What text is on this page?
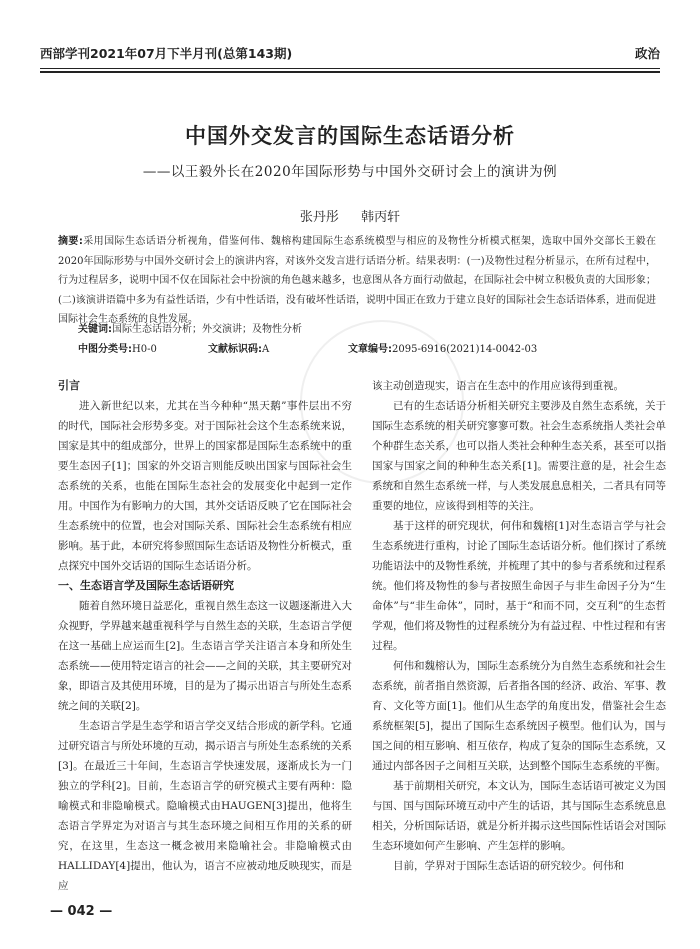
西部学刊2021年07月下半月刊(总第143期)	政治
中国外交发言的国际生态话语分析
——以王毅外长在2020年国际形势与中国外交研讨会上的演讲为例
张丹彤 韩丙轩
摘要:采用国际生态话语分析视角，借鉴何伟、魏榕构建国际生态系统模型与相应的及物性分析模式框架，选取中国外交部长王毅在2020年国际形势与中国外交研讨会上的演讲内容，对该外交发言进行话语分析。结果表明：(一)及物性过程分析显示，在所有过程中，行为过程居多，说明中国不仅在国际社会中扮演的角色越来越多，也意图从各方面行动做起，在国际社会中树立积极负责的大国形象；(二)该演讲语篇中多为有益性话语，少有中性话语，没有破坏性话语，说明中国正在致力于建立良好的国际社会生态话语体系，进而促进国际社会生态系统的良性发展。
关键词:国际生态话语分析；外交演讲；及物性分析
中图分类号:H0-0	文献标识码:A	文章编号:2095-6916(2021)14-0042-03
引言

进入新世纪以来，尤其在当今种种“黑天鹅”事件层出不穷的时代，国际社会形势多变。对于国际社会这个生态系统来说，国家是其中的组成部分，世界上的国家都是国际生态系统中的重要生态因子[1]；国家的外交语言则能反映出国家与国际社会生态系统的关系，也能在国际生态社会的发展变化中起到一定作用。中国作为有影响力的大国，其外交话语反映了它在国际社会生态系统中的位置，也会对国际关系、国际社会生态系统有相应影响。基于此，本研究将参照国际生态话语及物性分析模式，重点探究中国外交话语的国际生态话语分析。

一、生态语言学及国际生态话语研究

随着自然环境日益恶化，重视自然生态这一议题逐渐进入大众视野，学界越来越重视科学与自然生态的关联，生态语言学便在这一基础上应运而生[2]。生态语言学关注语言本身和所处生态系统——使用特定语言的社会——之间的关联，其主要研究对象，即语言及其使用环境，目的是为了揭示出语言与所处生态系统之间的关联[2]。

生态语言学是生态学和语言学交叉结合形成的新学科。它通过研究语言与所处环境的互动，揭示语言与所处生态系统的关系[3]。在最近三十年间，生态语言学快速发展，逐渐成长为一门独立的学科[2]。目前，生态语言学的研究模式主要有两种：隐喻模式和非隐喻模式。隐喻模式由HAUGEN[3]提出，他将生态语言学界定为对语言与其生态环境之间相互作用的关系的研究，在这里，生态这一概念被用来隐喻社会。非隐喻模式由HALLIDAY[4]提出，他认为，语言不应被动地反映现实，而是应

该主动创造现实，语言在生态中的作用应该得到重视。

已有的生态话语分析相关研究主要涉及自然生态系统，关于国际生态系统的相关研究寥寥可数。社会生态系统指人类社会单个种群生态关系，也可以指人类社会种种生态关系，甚至可以指国家与国家之间的种种生态关系[1]。需要注意的是，社会生态系统和自然生态系统一样，与人类发展息息相关，二者具有同等重要的地位，应该得到相等的关注。

基于这样的研究现状，何伟和魏榕[1]对生态语言学与社会生态系统进行重构，讨论了国际生态话语分析。他们探讨了系统功能语法中的及物性系统，并梳理了其中的参与者系统和过程系统。他们将及物性的参与者按照生命因子与非生命因子分为“生命体”与“非生命体”，同时，基于“和而不同，交互利”的生态哲学观，他们将及物性的过程系统分为有益过程、中性过程和有害过程。

何伟和魏榕认为，国际生态系统分为自然生态系统和社会生态系统，前者指自然资源，后者指各国的经济、政治、军事、教育、文化等方面[1]。他们从生态学的角度出发，借鉴社会生态系统框架[5]，提出了国际生态系统因子模型。他们认为，国与国之间的相互影响、相互依存，构成了复杂的国际生态系统，又通过内部各因子之间相互关联，达到整个国际生态系统的平衡。

基于前期相关研究，本文认为，国际生态话语可被定义为国与国、国与国际环境互动中产生的话语，其与国际生态系统息息相关，分析国际话语，就是分析并揭示这些国际性话语会对国际生态环境如何产生影响、产生怎样的影响。

目前，学界对于国际生态话语的研究较少。何伟和

— 042 —
